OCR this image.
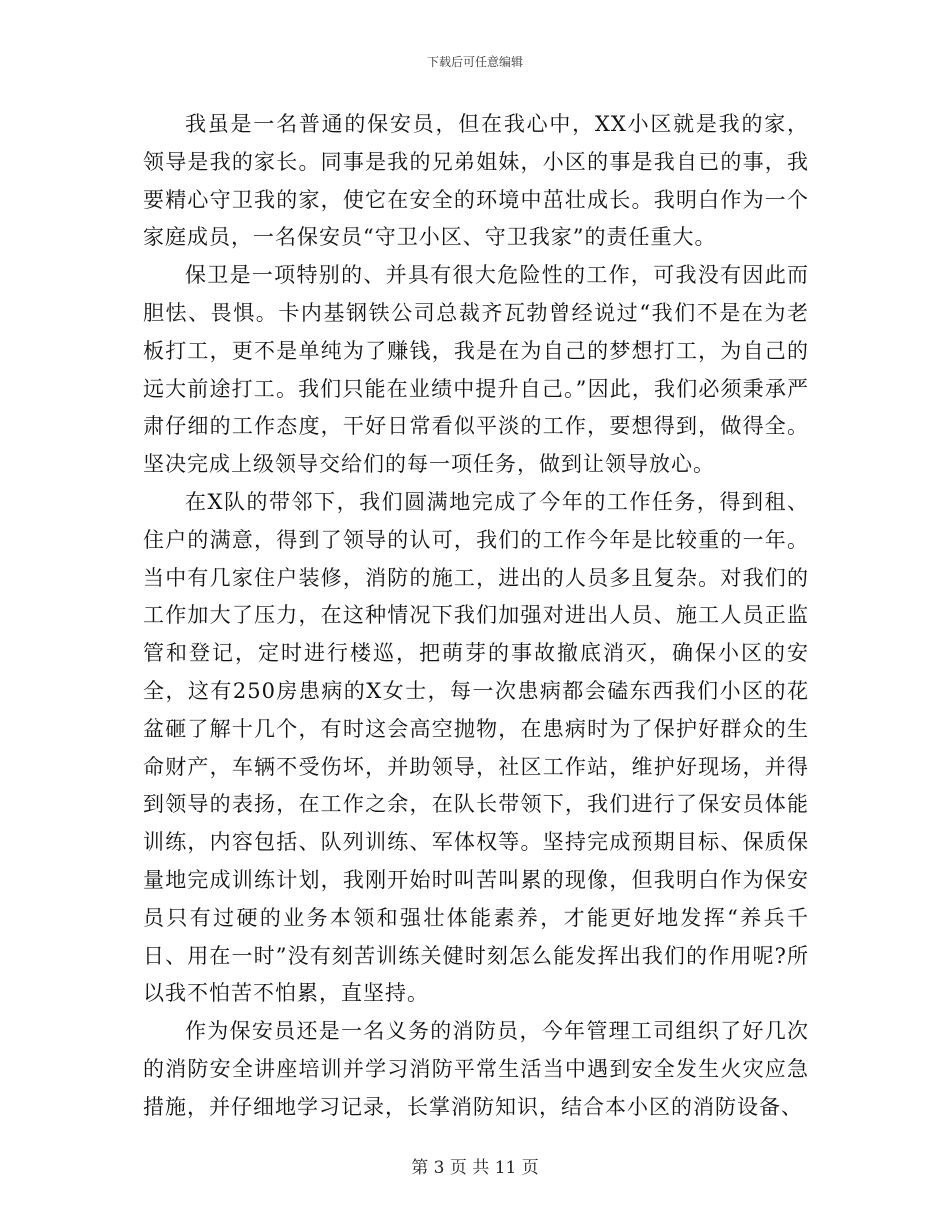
下载后可任意编辑

我虽是一名普通的保安员，但在我心中，XX小区就是我的家，领导是我的家长。同事是我的兄弟姐妹，小区的事是我自已的事，我要精心守卫我的家，使它在安全的环境中茁壮成长。我明白作为一个家庭成员，一名保安员“守卫小区、守卫我家”的责任重大。

保卫是一项特别的、并具有很大危险性的工作，可我没有因此而胆怯、畏惧。卡内基钢铁公司总裁齐瓦勃曾经说过“我们不是在为老板打工，更不是单纯为了赚钱，我是在为自己的梦想打工，为自己的远大前途打工。我们只能在业绩中提升自己。”因此，我们必须秉承严肃仔细的工作态度，干好日常看似平淡的工作，要想得到，做得全。坚决完成上级领导交给们的每一项任务，做到让领导放心。

在X队的带邻下，我们圆满地完成了今年的工作任务，得到租、住户的满意，得到了领导的认可，我们的工作今年是比较重的一年。当中有几家住户装修，消防的施工，进出的人员多且复杂。对我们的工作加大了压力，在这种情况下我们加强对进出人员、施工人员正监管和登记，定时进行楼巡，把萌芽的事故撤底消灭，确保小区的安全，这有250房患病的X女士，每一次患病都会磕东西我们小区的花盆砸了解十几个，有时这会高空抛物，在患病时为了保护好群众的生命财产，车辆不受伤坏，并助领导，社区工作站，维护好现场，并得到领导的表扬，在工作之余，在队长带领下，我们进行了保安员体能训练，内容包括、队列训练、军体权等。坚持完成预期目标、保质保量地完成训练计划，我刚开始时叫苦叫累的现像，但我明白作为保安员只有过硬的业务本领和强壮体能素养，才能更好地发挥“养兵千日、用在一时”没有刻苦训练关健时刻怎么能发挥出我们的作用呢?所以我不怕苦不怕累，直坚持。

作为保安员还是一名义务的消防员，今年管理工司组织了好几次的消防安全讲座培训并学习消防平常生活当中遇到安全发生火灾应急措施，并仔细地学习记录，长掌消防知识，结合本小区的消防设备、

第 3 页 共 11 页
